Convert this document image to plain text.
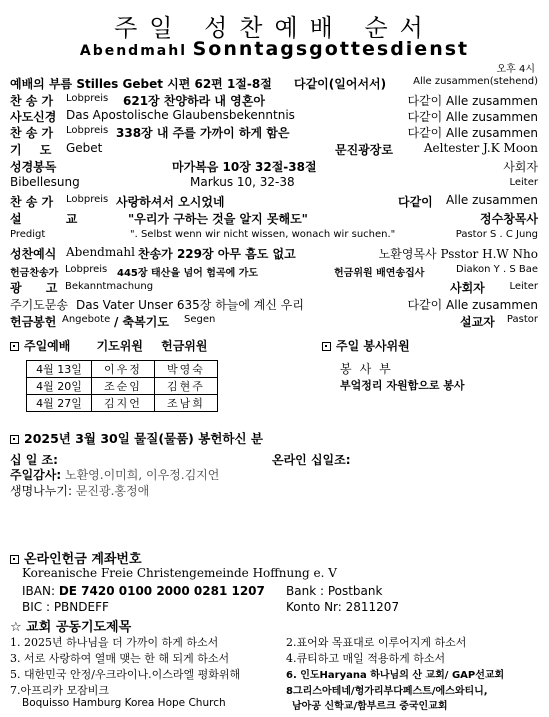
주일 성찬예배 순서
Abendmahl Sonntagsgottesdienst
오후 4시
예배의 부름 Stilles Gebet 시편 62편 1절-8절 다같이(일어서서)	Alle zusammen(stehend)
찬 송 가 Lobpreis 621장 찬양하라 내 영혼아	다같이 Alle zusammen
사도신경 Das Apostolische Glaubensbekenntnis	다같이 Alle zusammen
찬 송 가 Lobpreis 338장 내 주를 가까이 하게 함은	다같이 Alle zusammen
기 도 Gebet	문진광장로	Aeltester J.K Moon
성경봉독	마가복음 10장 32절-38절	사회자
Bibellesung	Markus 10, 32-38	Leiter
찬 송 가 Lobpreis 사랑하셔서 오시었네	다같이 Alle zusammen
설 교	"우리가 구하는 것을 알지 못해도"	정수창목사
Predigt	". Selbst wenn wir nicht wissen, wonach wir suchen."	Pastor S . C Jung
성찬예식 Abendmahl 찬송가 229장 아무 흠도 없고	노환영목사 Psstor H.W Nho
헌금찬송가 Lobpreis 445장 태산을 넘어 험곡에 가도	헌금위원 배연송집사	Diakon Y . S Bae
광 고 Bekanntmachung	사회자 Leiter
주기도문송 Das Vater Unser 635장 하늘에 계신 우리	다같이 Alle zusammen
헌금봉헌 Angebote / 축복기도 Segen	설교자 Pastor
주일예배 기도위원 헌금위원
4월 13일	이우정	박영숙
4월 20일	조순임	김현주
4월 27일	김지언	조남희
주일 봉사위원
봉사부
부엌정리 자원함으로 봉사
2025년 3월 30일 물질(물품) 봉헌하신 분
십 일 조:	온라인 십일조:
주일감사: 노환영.이미희, 이우정.김지언
생명나누기: 문진광.홍정애
온라인헌금 계좌번호
Koreanische Freie Christengemeinde Hoffnung e. V
IBAN: DE 7420 0100 2000 0281 1207 Bank : Postbank
BIC : PBNDEFF	Konto Nr: 2811207
☆ 교회 공동기도제목
1. 2025년 하나님을 더 가까이 하게 하소서	2.표어와 목표대로 이루어지게 하소서
3. 서로 사랑하여 열매 맺는 한 해 되게 하소서	4.큐티하고 매일 적용하게 하소서
5. 대한민국 안정/우크라이나.이스라엘 평화위해	6. 인도Haryana 하나님의 산 교회/ GAP선교회
7.아프리카 모잠비크	8그리스아테네/헝가리부다페스트/에스와티니,
Boquisso Hamburg Korea Hope Church	남아공 신학교/함부르크 중국인교회
